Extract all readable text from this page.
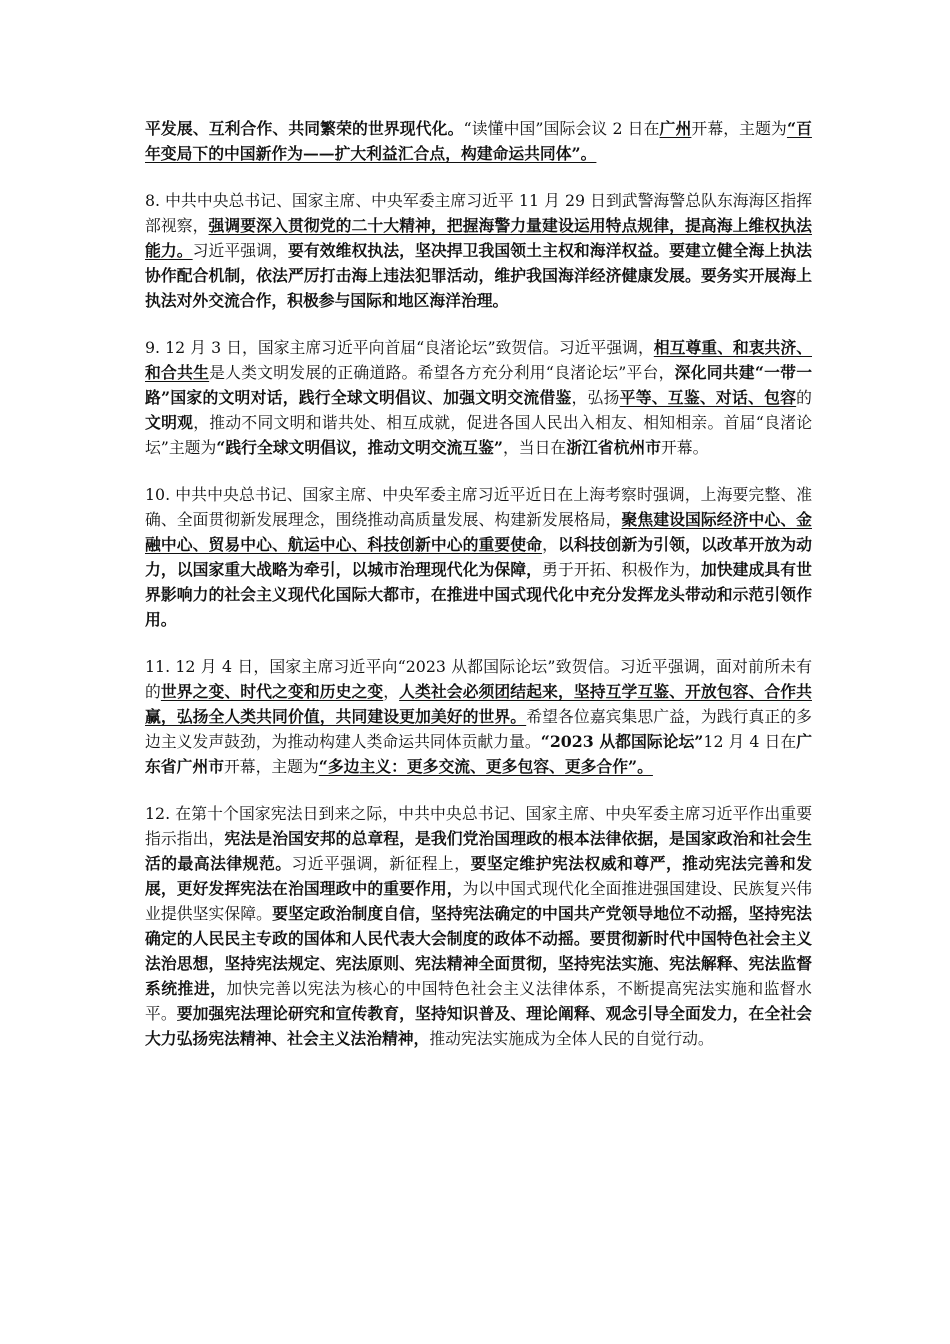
平发展、互利合作、共同繁荣的世界现代化。“读懂中国”国际会议 2 日在广州开幕，主题为“百年变局下的中国新作为——扩大利益汇合点，构建命运共同体”。

8. 中共中央总书记、国家主席、中央军委主席习近平 11 月 29 日到武警海警总队东海海区指挥部视察，强调要深入贯彻党的二十大精神，把握海警力量建设运用特点规律，提高海上维权执法能力。习近平强调，要有效维权执法，坚决捍卫我国领土主权和海洋权益。要建立健全海上执法协作配合机制，依法严厉打击海上违法犯罪活动，维护我国海洋经济健康发展。要务实开展海上执法对外交流合作，积极参与国际和地区海洋治理。

9. 12 月 3 日，国家主席习近平向首届“良渚论坛”致贺信。习近平强调，相互尊重、和衷共济、和合共生是人类文明发展的正确道路。希望各方充分利用“良渚论坛”平台，深化同共建“一带一路”国家的文明对话，践行全球文明倡议、加强文明交流借鉴，弘扬平等、互鉴、对话、包容的文明观，推动不同文明和谐共处、相互成就，促进各国人民出入相友、相知相亲。首届“良渚论坛”主题为“践行全球文明倡议，推动文明交流互鉴”，当日在浙江省杭州市开幕。

10. 中共中央总书记、国家主席、中央军委主席习近平近日在上海考察时强调，上海要完整、准确、全面贯彻新发展理念，围绕推动高质量发展、构建新发展格局，聚焦建设国际经济中心、金融中心、贸易中心、航运中心、科技创新中心的重要使命，以科技创新为引领，以改革开放为动力，以国家重大战略为牵引，以城市治理现代化为保障，勇于开拓、积极作为，加快建成具有世界影响力的社会主义现代化国际大都市，在推进中国式现代化中充分发挥龙头带动和示范引领作用。

11. 12 月 4 日，国家主席习近平向“2023 从都国际论坛”致贺信。习近平强调，面对前所未有的世界之变、时代之变和历史之变，人类社会必须团结起来，坚持互学互鉴、开放包容、合作共赢，弘扬全人类共同价值，共同建设更加美好的世界。希望各位嘉宾集思广益，为践行真正的多边主义发声鼓劲，为推动构建人类命运共同体贡献力量。“2023 从都国际论坛”12 月 4 日在广东省广州市开幕，主题为“多边主义：更多交流、更多包容、更多合作”。

12. 在第十个国家宪法日到来之际，中共中央总书记、国家主席、中央军委主席习近平作出重要指示指出，宪法是治国安邦的总章程，是我们党治国理政的根本法律依据，是国家政治和社会生活的最高法律规范。习近平强调，新征程上，要坚定维护宪法权威和尊严，推动宪法完善和发展，更好发挥宪法在治国理政中的重要作用，为以中国式现代化全面推进强国建设、民族复兴伟业提供坚实保障。要坚定政治制度自信，坚持宪法确定的中国共产党领导地位不动摇，坚持宪法确定的人民民主专政的国体和人民代表大会制度的政体不动摇。要贯彻新时代中国特色社会主义法治思想，坚持宪法规定、宪法原则、宪法精神全面贯彻，坚持宪法实施、宪法解释、宪法监督系统推进，加快完善以宪法为核心的中国特色社会主义法律体系，不断提高宪法实施和监督水平。要加强宪法理论研究和宣传教育，坚持知识普及、理论阐释、观念引导全面发力，在全社会大力弘扬宪法精神、社会主义法治精神，推动宪法实施成为全体人民的自觉行动。
